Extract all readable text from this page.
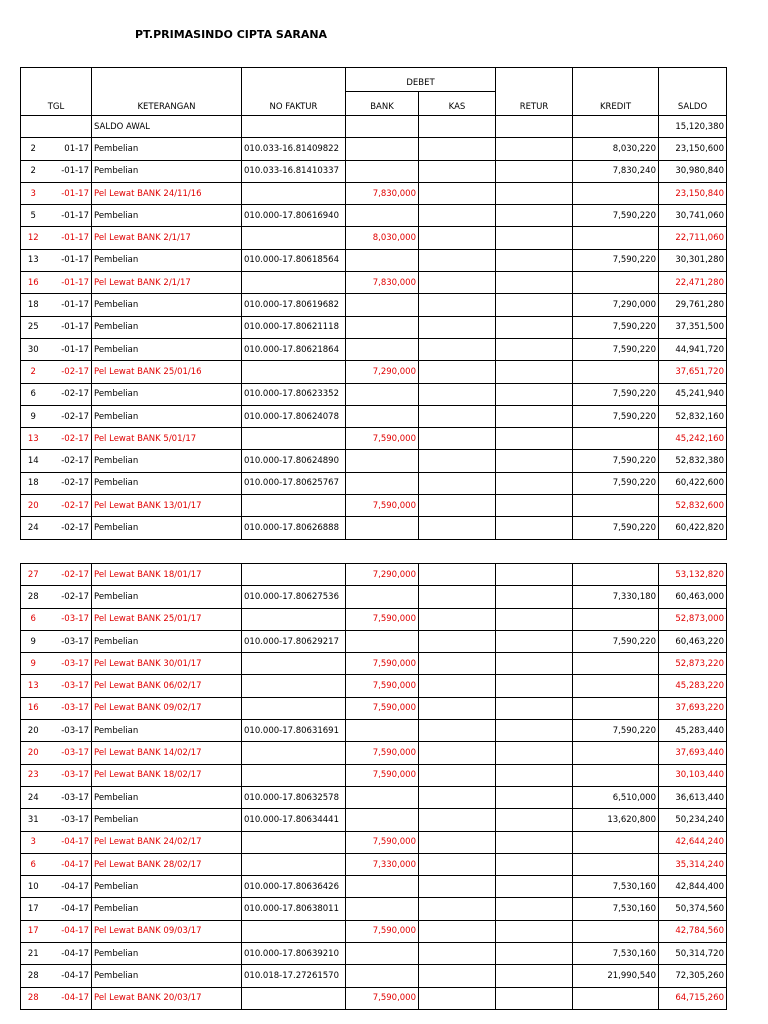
PT.PRIMASINDO CIPTA SARANA
TGL		KETERANGAN	NO FAKTUR	DEBET		RETUR	KREDIT	SALDO
				BANK	KAS			
		SALDO AWAL						15,120,380
2	01-17	Pembelian	010.033-16.81409822				8,030,220	23,150,600
2	-01-17	Pembelian	010.033-16.81410337				7,830,240	30,980,840
3	-01-17	Pel Lewat BANK 24/11/16		7,830,000				23,150,840
5	-01-17	Pembelian	010.000-17.80616940				7,590,220	30,741,060
12	-01-17	Pel Lewat BANK 2/1/17		8,030,000				22,711,060
13	-01-17	Pembelian	010.000-17.80618564				7,590,220	30,301,280
16	-01-17	Pel Lewat BANK 2/1/17		7,830,000				22,471,280
18	-01-17	Pembelian	010.000-17.80619682				7,290,000	29,761,280
25	-01-17	Pembelian	010.000-17.80621118				7,590,220	37,351,500
30	-01-17	Pembelian	010.000-17.80621864				7,590,220	44,941,720
2	-02-17	Pel Lewat BANK 25/01/16		7,290,000				37,651,720
6	-02-17	Pembelian	010.000-17.80623352				7,590,220	45,241,940
9	-02-17	Pembelian	010.000-17.80624078				7,590,220	52,832,160
13	-02-17	Pel Lewat BANK 5/01/17		7,590,000				45,242,160
14	-02-17	Pembelian	010.000-17.80624890				7,590,220	52,832,380
18	-02-17	Pembelian	010.000-17.80625767				7,590,220	60,422,600
20	-02-17	Pel Lewat BANK 13/01/17		7,590,000				52,832,600
24	-02-17	Pembelian	010.000-17.80626888				7,590,220	60,422,820
27	-02-17	Pel Lewat BANK 18/01/17		7,290,000				53,132,820
28	-02-17	Pembelian	010.000-17.80627536				7,330,180	60,463,000
6	-03-17	Pel Lewat BANK 25/01/17		7,590,000				52,873,000
9	-03-17	Pembelian	010.000-17.80629217				7,590,220	60,463,220
9	-03-17	Pel Lewat BANK 30/01/17		7,590,000				52,873,220
13	-03-17	Pel Lewat BANK 06/02/17		7,590,000				45,283,220
16	-03-17	Pel Lewat BANK 09/02/17		7,590,000				37,693,220
20	-03-17	Pembelian	010.000-17.80631691				7,590,220	45,283,440
20	-03-17	Pel Lewat BANK 14/02/17		7,590,000				37,693,440
23	-03-17	Pel Lewat BANK 18/02/17		7,590,000				30,103,440
24	-03-17	Pembelian	010.000-17.80632578				6,510,000	36,613,440
31	-03-17	Pembelian	010.000-17.80634441				13,620,800	50,234,240
3	-04-17	Pel Lewat BANK 24/02/17		7,590,000				42,644,240
6	-04-17	Pel Lewat BANK 28/02/17		7,330,000				35,314,240
10	-04-17	Pembelian	010.000-17.80636426				7,530,160	42,844,400
17	-04-17	Pembelian	010.000-17.80638011				7,530,160	50,374,560
17	-04-17	Pel Lewat BANK 09/03/17		7,590,000				42,784,560
21	-04-17	Pembelian	010.000-17.80639210				7,530,160	50,314,720
28	-04-17	Pembelian	010.018-17.27261570				21,990,540	72,305,260
28	-04-17	Pel Lewat BANK 20/03/17		7,590,000				64,715,260
